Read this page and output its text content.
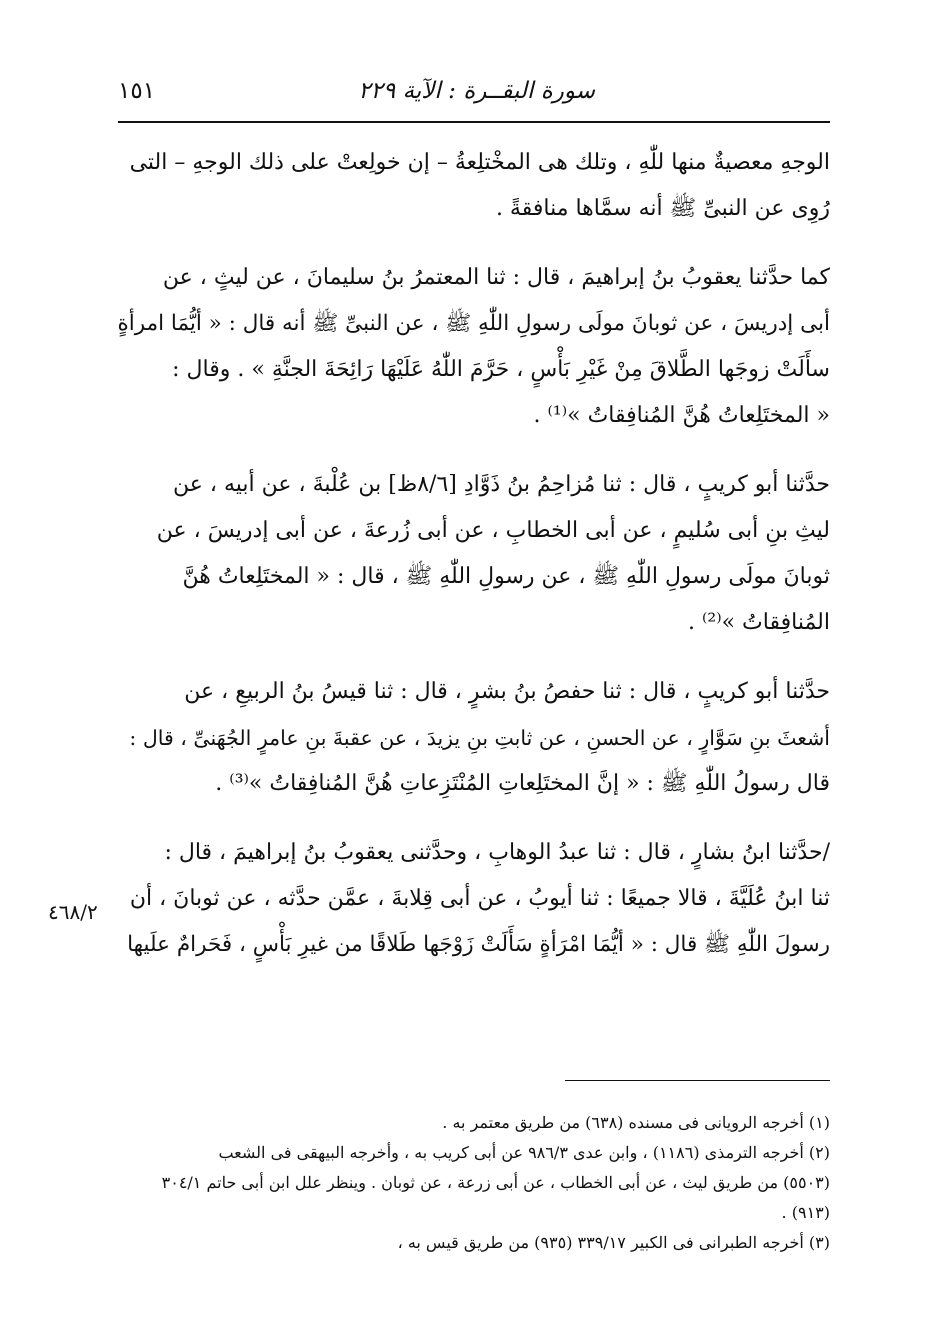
سورة البقــرة : الآية ٢٢٩
١٥١
الوجهِ معصيةٌ منها للّٰهِ ، وتلك هى المخْتلِعةُ – إن خولِعتْ على ذلك الوجهِ – التى
رُوِى عن النبىِّ ﷺ أنه سمَّاها منافقةً .
كما حدَّثنا يعقوبُ بنُ إبراهيمَ ، قال : ثنا المعتمرُ بنُ سليمانَ ، عن ليثٍ ، عن
أبى إدريسَ ، عن ثوبانَ مولَى رسولِ اللّٰهِ ﷺ ، عن النبىِّ ﷺ أنه قال : « أيُّمَا امرأةٍ
سأَلَتْ زوجَها الطَّلاقَ مِنْ غَيْرِ بَأْسٍ ، حَرَّمَ اللّٰهُ عَلَيْهَا رَائِحَةَ الجنَّةِ » . وقال :
« المختَلِعاتُ هُنَّ المُنافِقاتُ »⁽¹⁾ .
حدَّثنا أبو كريبٍ ، قال : ثنا مُزاحِمُ بنُ ذَوَّادِ [٨/٦ظ] بن عُلْبةَ ، عن أبيه ، عن
ليثِ بنِ أبى سُليمٍ ، عن أبى الخطابِ ، عن أبى زُرعةَ ، عن أبى إدريسَ ، عن
ثوبانَ مولَى رسولِ اللّٰهِ ﷺ ، عن رسولِ اللّٰهِ ﷺ ، قال : « المختَلِعاتُ هُنَّ
المُنافِقاتُ »⁽²⁾ .
حدَّثنا أبو كريبٍ ، قال : ثنا حفصُ بنُ بشرٍ ، قال : ثنا قيسُ بنُ الربيعِ ، عن
أشعثَ بنِ سَوَّارٍ ، عن الحسنِ ، عن ثابتِ بنِ يزيدَ ، عن عقبةَ بنِ عامرٍ الجُهَنىِّ ، قال :
قال رسولُ اللّٰهِ ﷺ : « إنَّ المختَلِعاتِ المُنْتَزِعاتِ هُنَّ المُنافِقاتُ »⁽³⁾ .
/حدَّثنا ابنُ بشارٍ ، قال : ثنا عبدُ الوهابِ ، وحدَّثنى يعقوبُ بنُ إبراهيمَ ، قال :
ثنا ابنُ عُلَيَّةَ ، قالا جميعًا : ثنا أيوبُ ، عن أبى قِلابةَ ، عمَّن حدَّثه ، عن ثوبانَ ، أن
رسولَ اللّٰهِ ﷺ قال : « أيُّمَا امْرَأةٍ سَأَلَتْ زَوْجَها طَلاقًا من غيرِ بَأْسٍ ، فَحَرامٌ علَيها
٤٦٨/٢
(١) أخرجه الرويانى فى مسنده (٦٣٨) من طريق معتمر به .
(٢) أخرجه الترمذى (١١٨٦) ، وابن عدى ٩٨٦/٣ عن أبى كريب به ، وأخرجه البيهقى فى الشعب
(٥٥٠٣) من طريق ليث ، عن أبى الخطاب ، عن أبى زرعة ، عن ثوبان . وينظر علل ابن أبى حاتم ٣٠٤/١
(٩١٣) .
(٣) أخرجه الطبرانى فى الكبير ٣٣٩/١٧ (٩٣٥) من طريق قيس به ،
